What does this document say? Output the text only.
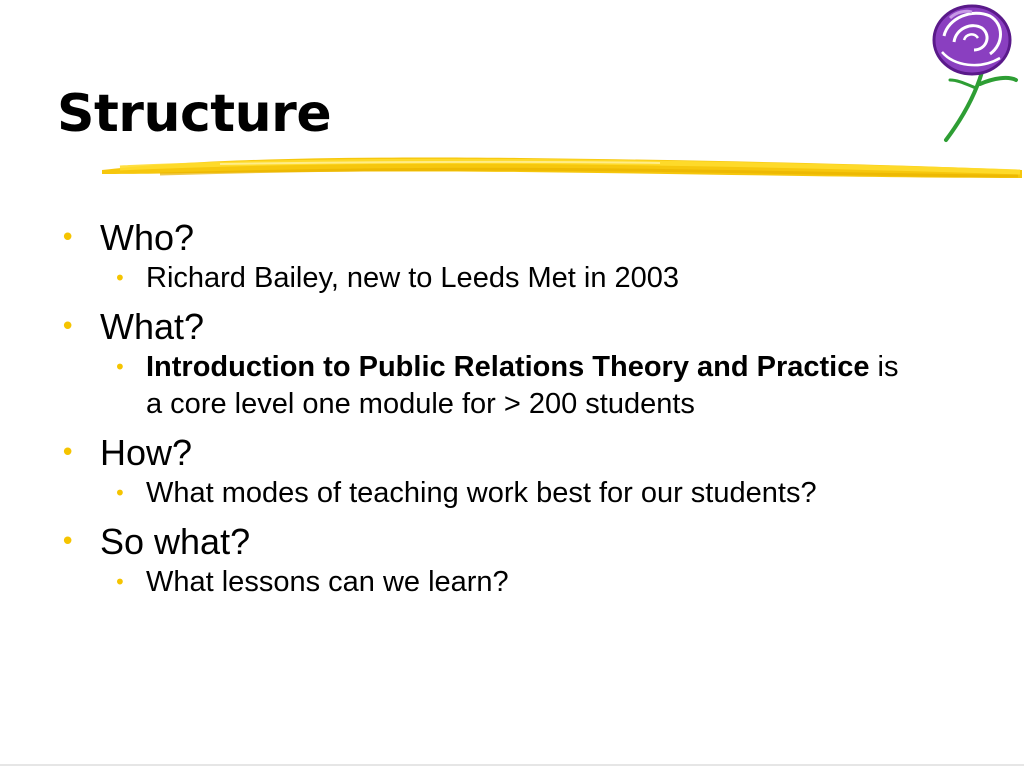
Structure

• Who?

• Richard Bailey, new to Leeds Met in 2003

• What?

• Introduction to Public Relations Theory and Practice is a core level one module for > 200 students

• How?

• What modes of teaching work best for our students?

• So what?

• What lessons can we learn?
